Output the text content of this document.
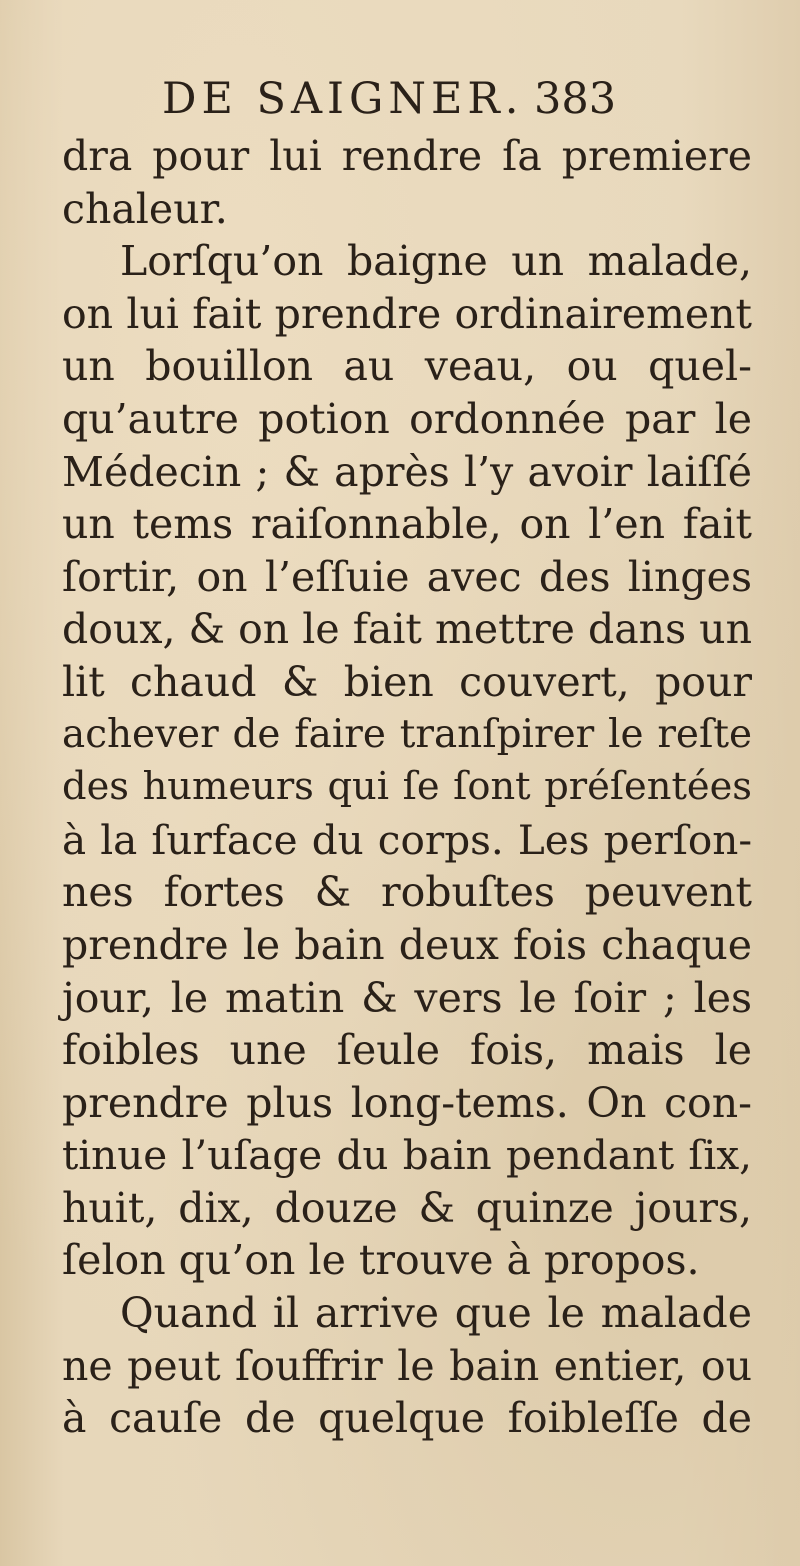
DE SAIGNER. 383
dra pour lui rendre ſa premiere
chaleur.
Lorſqu’on baigne un malade,
on lui fait prendre ordinairement
un bouillon au veau, ou quel-
qu’autre potion ordonnée par le
Médecin ; & après l’y avoir laiſſé
un tems raiſonnable, on l’en fait
ſortir, on l’eſſuie avec des linges
doux, & on le fait mettre dans un
lit chaud & bien couvert, pour
achever de faire tranſpirer le reſte
des humeurs qui ſe ſont préſentées
à la ſurface du corps. Les perſon-
nes fortes & robuſtes peuvent
prendre le bain deux fois chaque
jour, le matin & vers le ſoir ; les
foibles une ſeule fois, mais le
prendre plus long-tems. On con-
tinue l’uſage du bain pendant ſix,
huit, dix, douze & quinze jours,
ſelon qu’on le trouve à propos.
Quand il arrive que le malade
ne peut ſouffrir le bain entier, ou
à cauſe de quelque foibleſſe de
